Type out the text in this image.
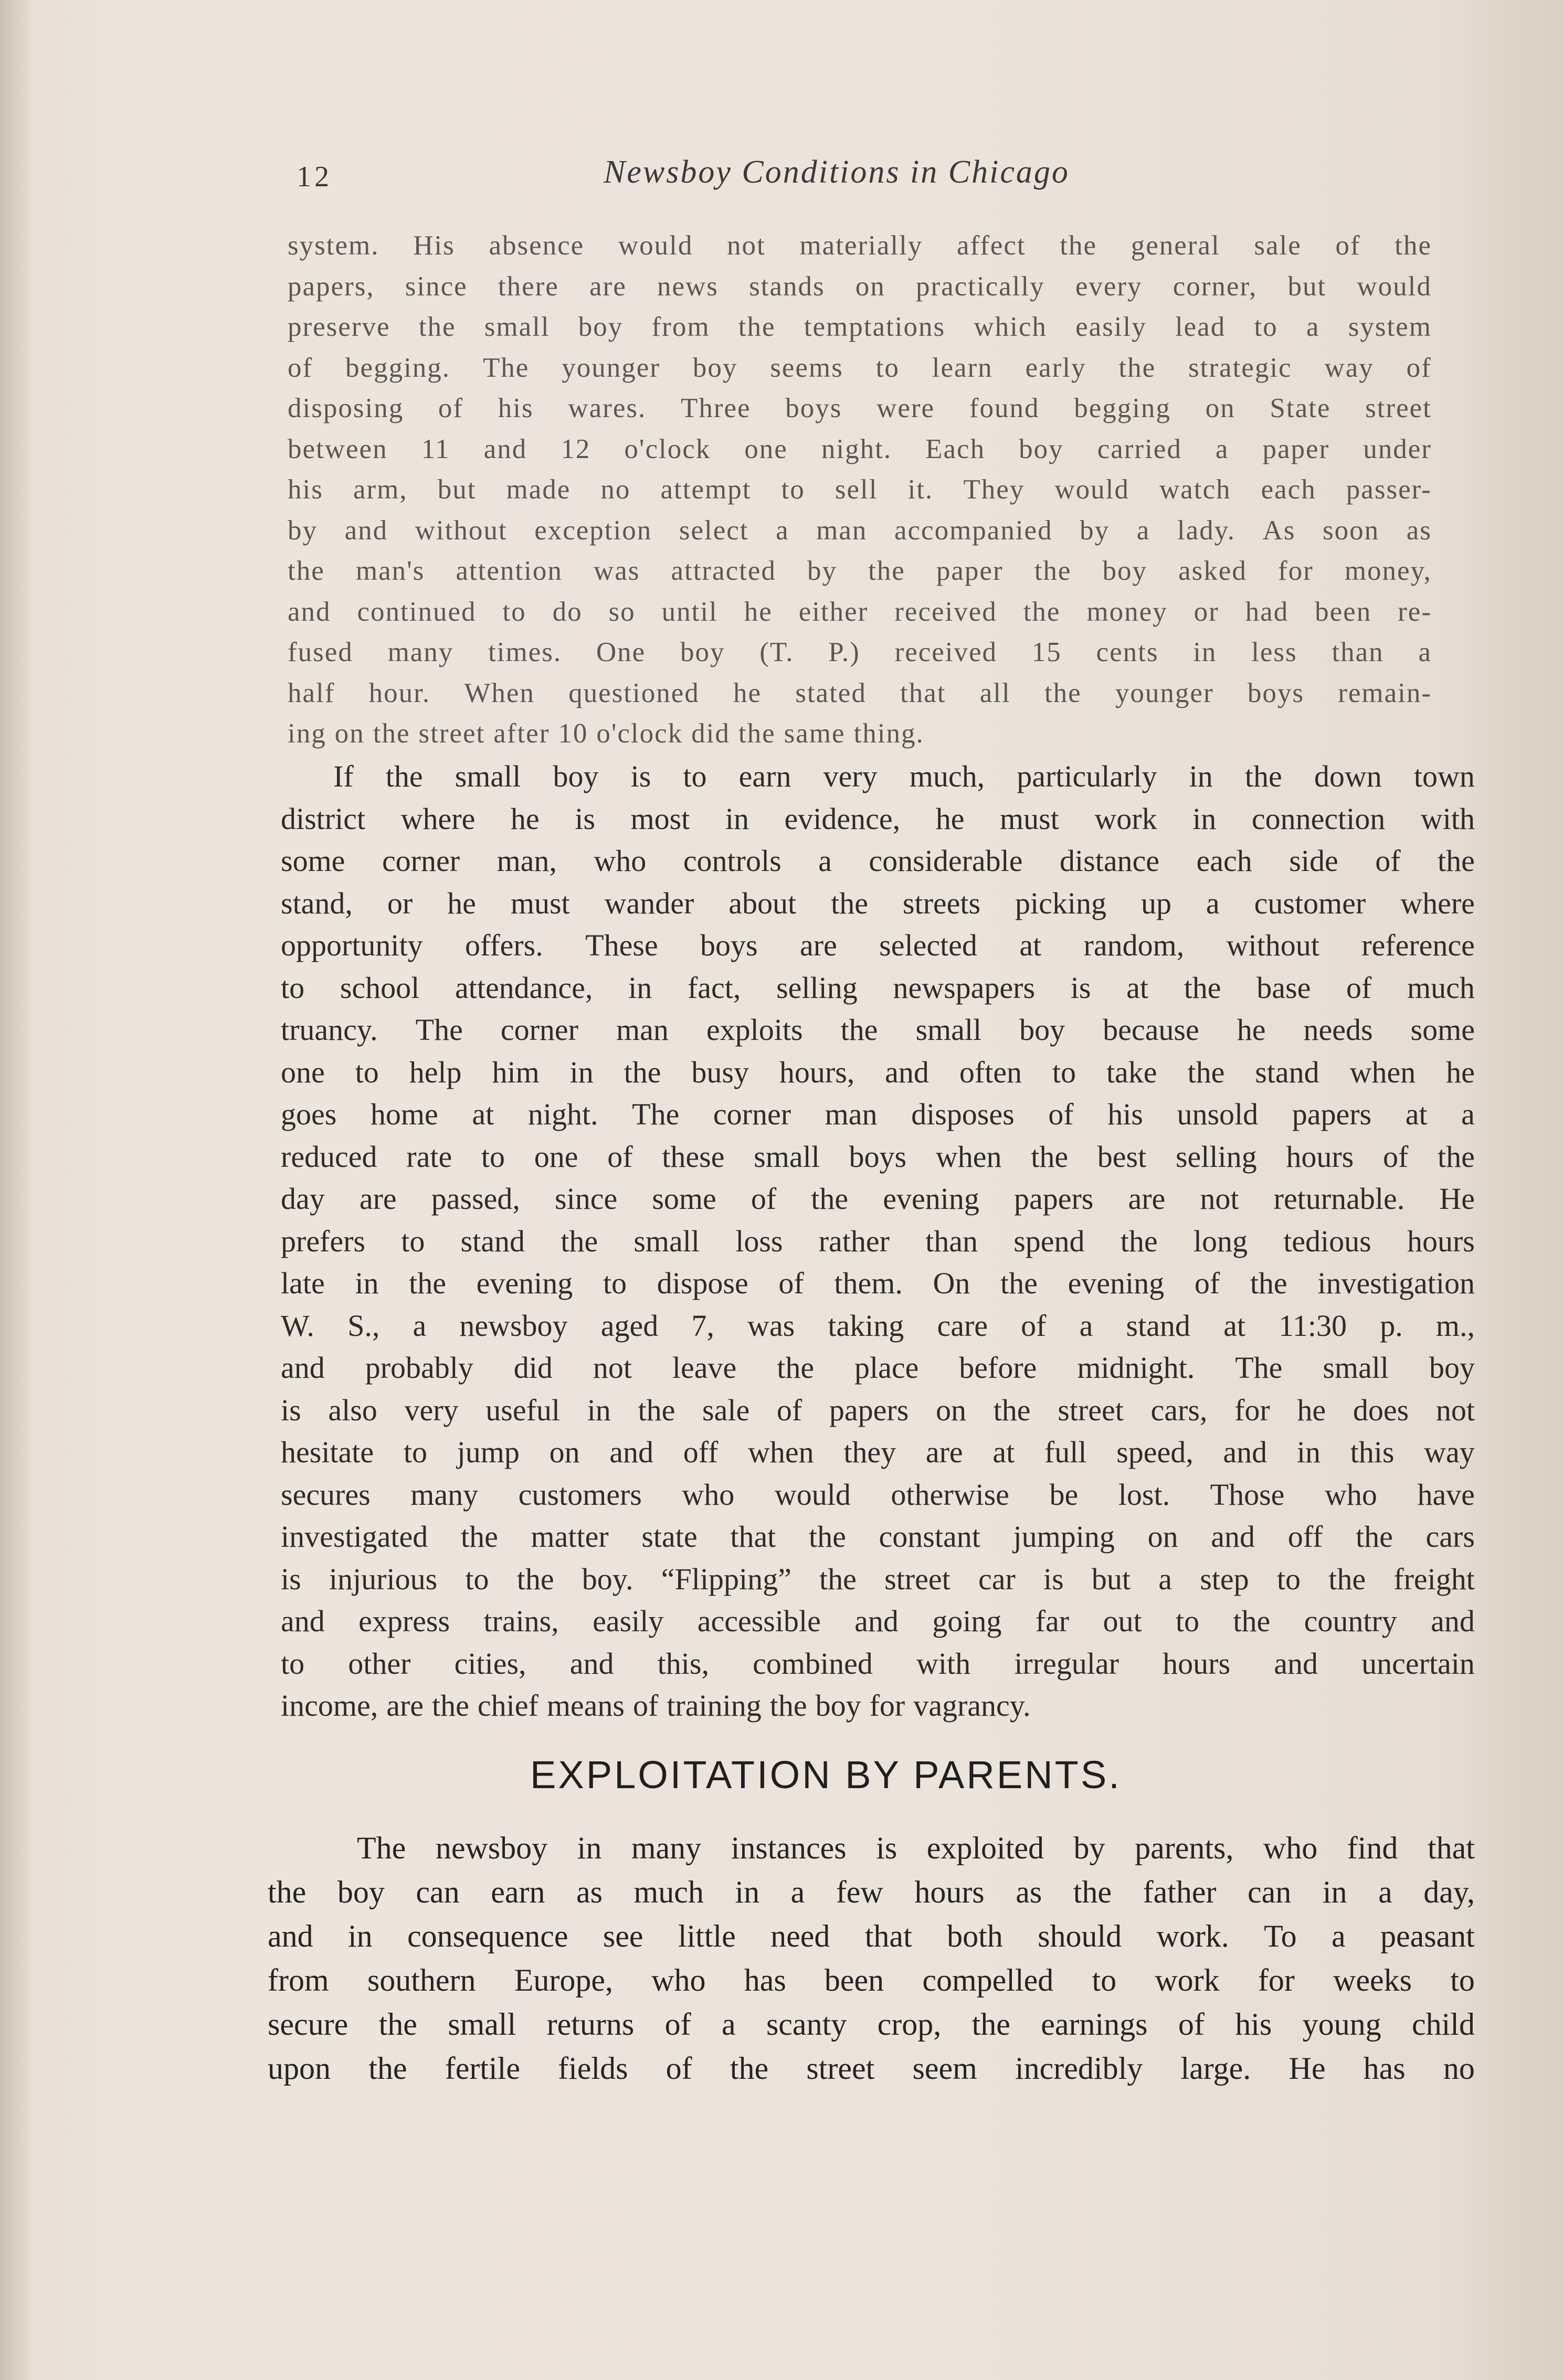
12	Newsboy Conditions in Chicago
system. His absence would not materially affect the general sale of the
papers, since there are news stands on practically every corner, but would
preserve the small boy from the temptations which easily lead to a system
of begging. The younger boy seems to learn early the strategic way of
disposing of his wares. Three boys were found begging on State street
between 11 and 12 o'clock one night. Each boy carried a paper under
his arm, but made no attempt to sell it. They would watch each passer-
by and without exception select a man accompanied by a lady. As soon as
the man's attention was attracted by the paper the boy asked for money,
and continued to do so until he either received the money or had been re-
fused many times. One boy (T. P.) received 15 cents in less than a
half hour. When questioned he stated that all the younger boys remain-
ing on the street after 10 o'clock did the same thing.
If the small boy is to earn very much, particularly in the down town
district where he is most in evidence, he must work in connection with
some corner man, who controls a considerable distance each side of the
stand, or he must wander about the streets picking up a customer where
opportunity offers. These boys are selected at random, without reference
to school attendance, in fact, selling newspapers is at the base of much
truancy. The corner man exploits the small boy because he needs some
one to help him in the busy hours, and often to take the stand when he
goes home at night. The corner man disposes of his unsold papers at a
reduced rate to one of these small boys when the best selling hours of the
day are passed, since some of the evening papers are not returnable. He
prefers to stand the small loss rather than spend the long tedious hours
late in the evening to dispose of them. On the evening of the investigation
W. S., a newsboy aged 7, was taking care of a stand at 11:30 p. m.,
and probably did not leave the place before midnight. The small boy
is also very useful in the sale of papers on the street cars, for he does not
hesitate to jump on and off when they are at full speed, and in this way
secures many customers who would otherwise be lost. Those who have
investigated the matter state that the constant jumping on and off the cars
is injurious to the boy. “Flipping” the street car is but a step to the freight
and express trains, easily accessible and going far out to the country and
to other cities, and this, combined with irregular hours and uncertain
income, are the chief means of training the boy for vagrancy.
EXPLOITATION BY PARENTS.
The newsboy in many instances is exploited by parents, who find that
the boy can earn as much in a few hours as the father can in a day,
and in consequence see little need that both should work. To a peasant
from southern Europe, who has been compelled to work for weeks to
secure the small returns of a scanty crop, the earnings of his young child
upon the fertile fields of the street seem incredibly large. He has no
